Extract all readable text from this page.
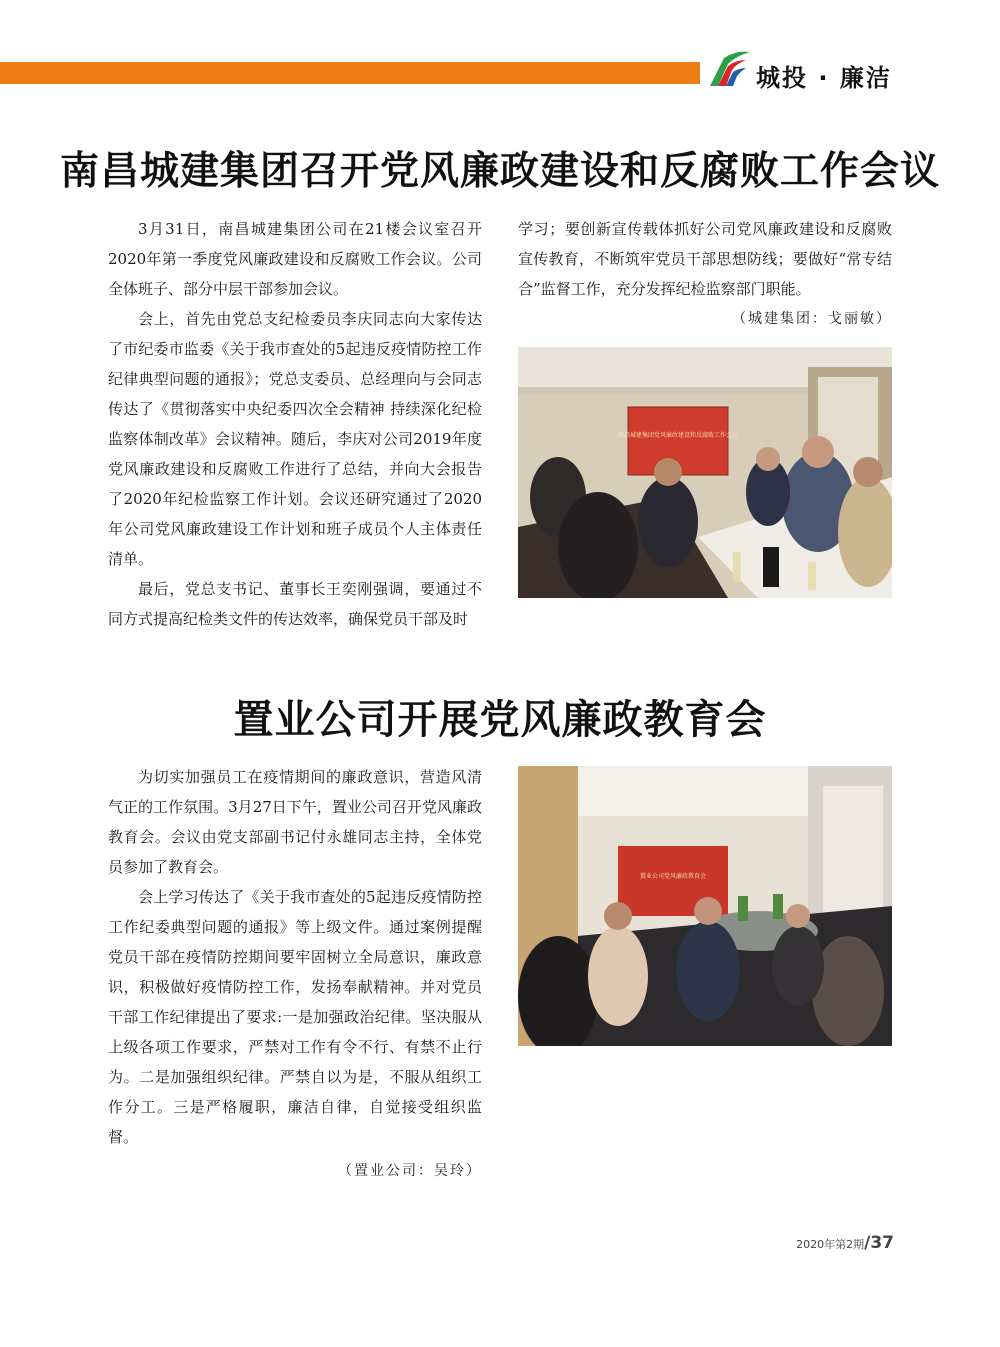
城投 · 廉洁
南昌城建集团召开党风廉政建设和反腐败工作会议

3月31日，南昌城建集团公司在21楼会议室召开2020年第一季度党风廉政建设和反腐败工作会议。公司全体班子、部分中层干部参加会议。

会上，首先由党总支纪检委员李庆同志向大家传达了市纪委市监委《关于我市查处的5起违反疫情防控工作纪律典型问题的通报》；党总支委员、总经理向与会同志传达了《贯彻落实中央纪委四次全会精神 持续深化纪检监察体制改革》会议精神。随后，李庆对公司2019年度党风廉政建设和反腐败工作进行了总结，并向大会报告了2020年纪检监察工作计划。会议还研究通过了2020年公司党风廉政建设工作计划和班子成员个人主体责任清单。

最后，党总支书记、董事长王奕刚强调，要通过不同方式提高纪检类文件的传达效率，确保党员干部及时

学习；要创新宣传载体抓好公司党风廉政建设和反腐败宣传教育，不断筑牢党员干部思想防线；要做好“常专结合”监督工作，充分发挥纪检监察部门职能。

（城建集团：戈丽敏）

南昌城建集团党风廉政建设和反腐败工作会议
置业公司开展党风廉政教育会

为切实加强员工在疫情期间的廉政意识，营造风清气正的工作氛围。3月27日下午，置业公司召开党风廉政教育会。会议由党支部副书记付永雄同志主持，全体党员参加了教育会。

会上学习传达了《关于我市查处的5起违反疫情防控工作纪委典型问题的通报》等上级文件。通过案例提醒党员干部在疫情防控期间要牢固树立全局意识，廉政意识，积极做好疫情防控工作，发扬奉献精神。并对党员干部工作纪律提出了要求:一是加强政治纪律。坚决服从上级各项工作要求，严禁对工作有令不行、有禁不止行为。二是加强组织纪律。严禁自以为是，不服从组织工作分工。三是严格履职，廉洁自律，自觉接受组织监督。

（置业公司：吴玲）

置业公司党风廉政教育会
2020年第2期/37
